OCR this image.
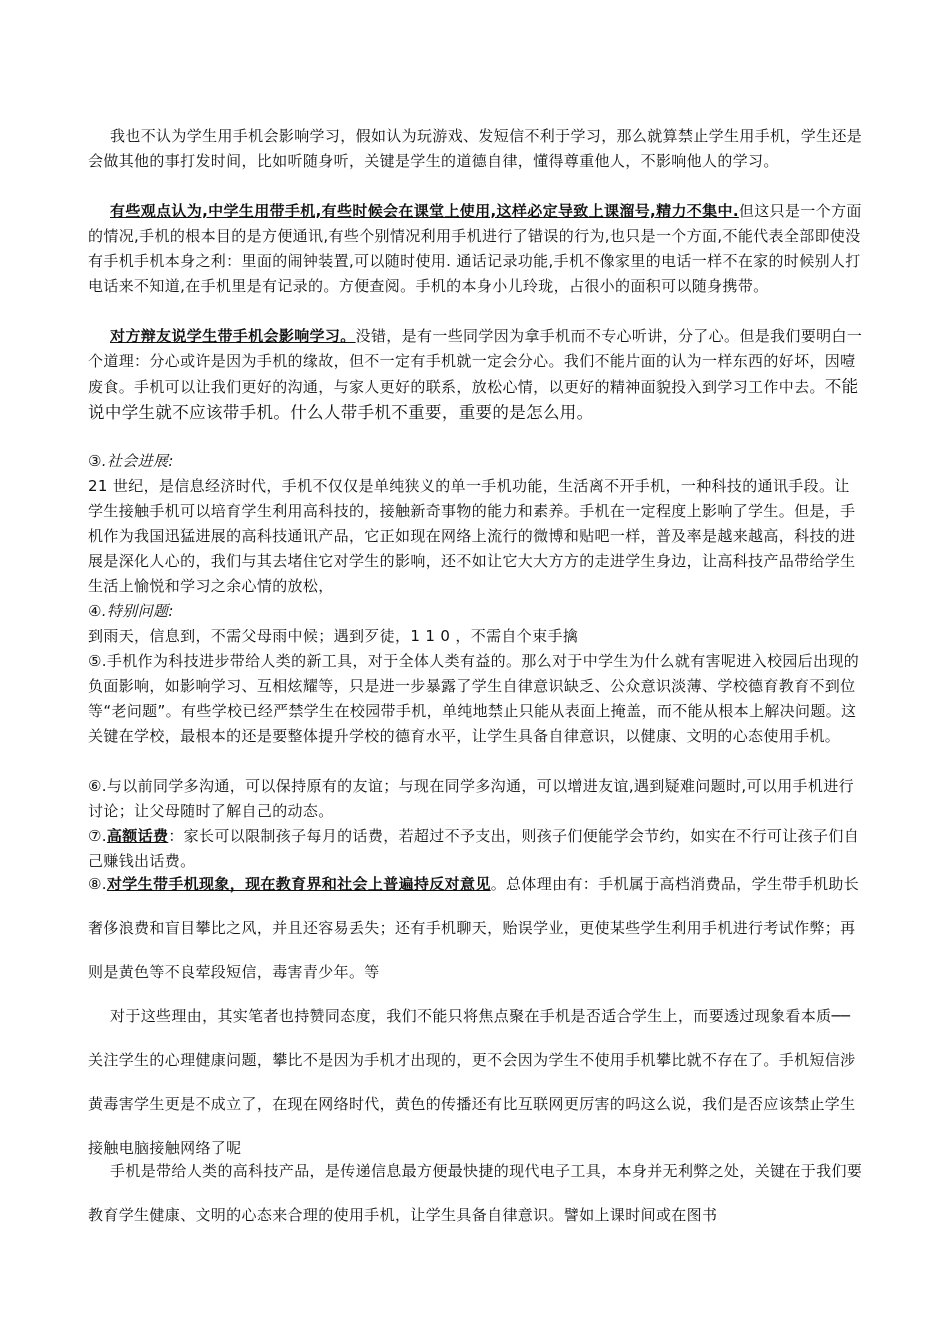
我也不认为学生用手机会影响学习，假如认为玩游戏、发短信不利于学习，那么就算禁止学生用手机，学生还是会做其他的事打发时间，比如听随身听，关键是学生的道德自律，懂得尊重他人，不影响他人的学习。

有些观点认为,中学生用带手机,有些时候会在课堂上使用,这样必定导致上课溜号,精力不集中.但这只是一个方面的情况,手机的根本目的是方便通讯,有些个别情况利用手机进行了错误的行为,也只是一个方面,不能代表全部即使没有手机手机本身之利：里面的闹钟装置,可以随时使用. 通话记录功能,手机不像家里的电话一样不在家的时候别人打电话来不知道,在手机里是有记录的。方便查阅。手机的本身小儿玲珑，占很小的面积可以随身携带。

对方辩友说学生带手机会影响学习。没错，是有一些同学因为拿手机而不专心听讲，分了心。但是我们要明白一个道理：分心或许是因为手机的缘故，但不一定有手机就一定会分心。我们不能片面的认为一样东西的好坏，因噎废食。手机可以让我们更好的沟通，与家人更好的联系，放松心情，以更好的精神面貌投入到学习工作中去。不能说中学生就不应该带手机。什么人带手机不重要，重要的是怎么用。

③.社会进展:

21 世纪，是信息经济时代，手机不仅仅是单纯狭义的单一手机功能，生活离不开手机，一种科技的通讯手段。让学生接触手机可以培育学生利用高科技的，接触新奇事物的能力和素养。手机在一定程度上影响了学生。但是，手机作为我国迅猛进展的高科技通讯产品，它正如现在网络上流行的微博和贴吧一样，普及率是越来越高，科技的进展是深化人心的，我们与其去堵住它对学生的影响，还不如让它大大方方的走进学生身边，让高科技产品带给学生生活上愉悦和学习之余心情的放松，

④.特别问题:

到雨天，信息到，不需父母雨中候；遇到歹徒，1 1 0 ，不需自个束手擒

⑤.手机作为科技进步带给人类的新工具，对于全体人类有益的。那么对于中学生为什么就有害呢进入校园后出现的负面影响，如影响学习、互相炫耀等，只是进一步暴露了学生自律意识缺乏、公众意识淡薄、学校德育教育不到位等“老问题”。有些学校已经严禁学生在校园带手机，单纯地禁止只能从表面上掩盖，而不能从根本上解决问题。这关键在学校，最根本的还是要整体提升学校的德育水平，让学生具备自律意识，以健康、文明的心态使用手机。

⑥.与以前同学多沟通，可以保持原有的友谊；与现在同学多沟通，可以增进友谊,遇到疑难问题时,可以用手机进行讨论；让父母随时了解自己的动态。

⑦.高额话费：家长可以限制孩子每月的话费，若超过不予支出，则孩子们便能学会节约，如实在不行可让孩子们自己赚钱出话费。

⑧.对学生带手机现象，现在教育界和社会上普遍持反对意见。总体理由有：手机属于高档消费品，学生带手机助长奢侈浪费和盲目攀比之风，并且还容易丢失；还有手机聊天，贻误学业，更使某些学生利用手机进行考试作弊；再则是黄色等不良荤段短信，毒害青少年。等

对于这些理由，其实笔者也持赞同态度，我们不能只将焦点聚在手机是否适合学生上，而要透过现象看本质──关注学生的心理健康问题，攀比不是因为手机才出现的，更不会因为学生不使用手机攀比就不存在了。手机短信涉黄毒害学生更是不成立了，在现在网络时代，黄色的传播还有比互联网更厉害的吗这么说，我们是否应该禁止学生接触电脑接触网络了呢

手机是带给人类的高科技产品，是传递信息最方便最快捷的现代电子工具，本身并无利弊之处，关键在于我们要教育学生健康、文明的心态来合理的使用手机，让学生具备自律意识。譬如上课时间或在图书
